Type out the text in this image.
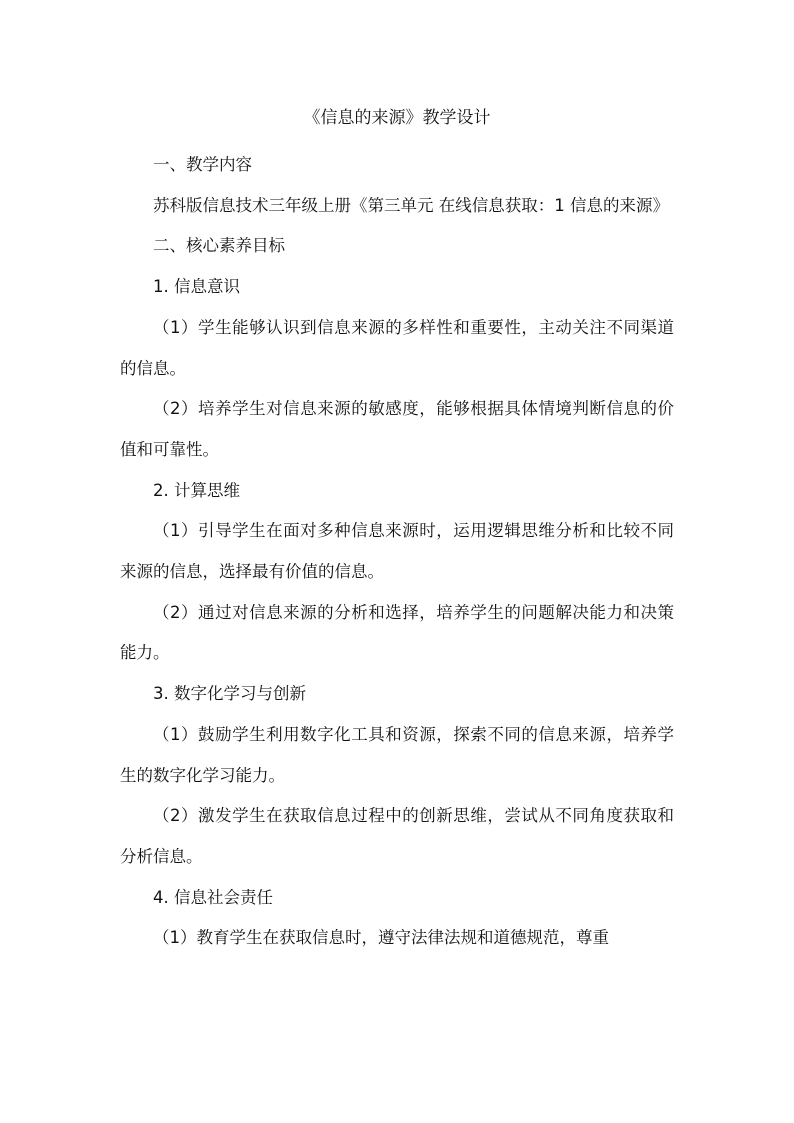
《信息的来源》教学设计

一、教学内容

苏科版信息技术三年级上册《第三单元 在线信息获取：1 信息的来源》

二、核心素养目标

1. 信息意识

（1）学生能够认识到信息来源的多样性和重要性，主动关注不同渠道的信息。

（2）培养学生对信息来源的敏感度，能够根据具体情境判断信息的价值和可靠性。

2. 计算思维

（1）引导学生在面对多种信息来源时，运用逻辑思维分析和比较不同来源的信息，选择最有价值的信息。

（2）通过对信息来源的分析和选择，培养学生的问题解决能力和决策能力。

3. 数字化学习与创新

（1）鼓励学生利用数字化工具和资源，探索不同的信息来源，培养学生的数字化学习能力。

（2）激发学生在获取信息过程中的创新思维，尝试从不同角度获取和分析信息。

4. 信息社会责任

（1）教育学生在获取信息时，遵守法律法规和道德规范，尊重
